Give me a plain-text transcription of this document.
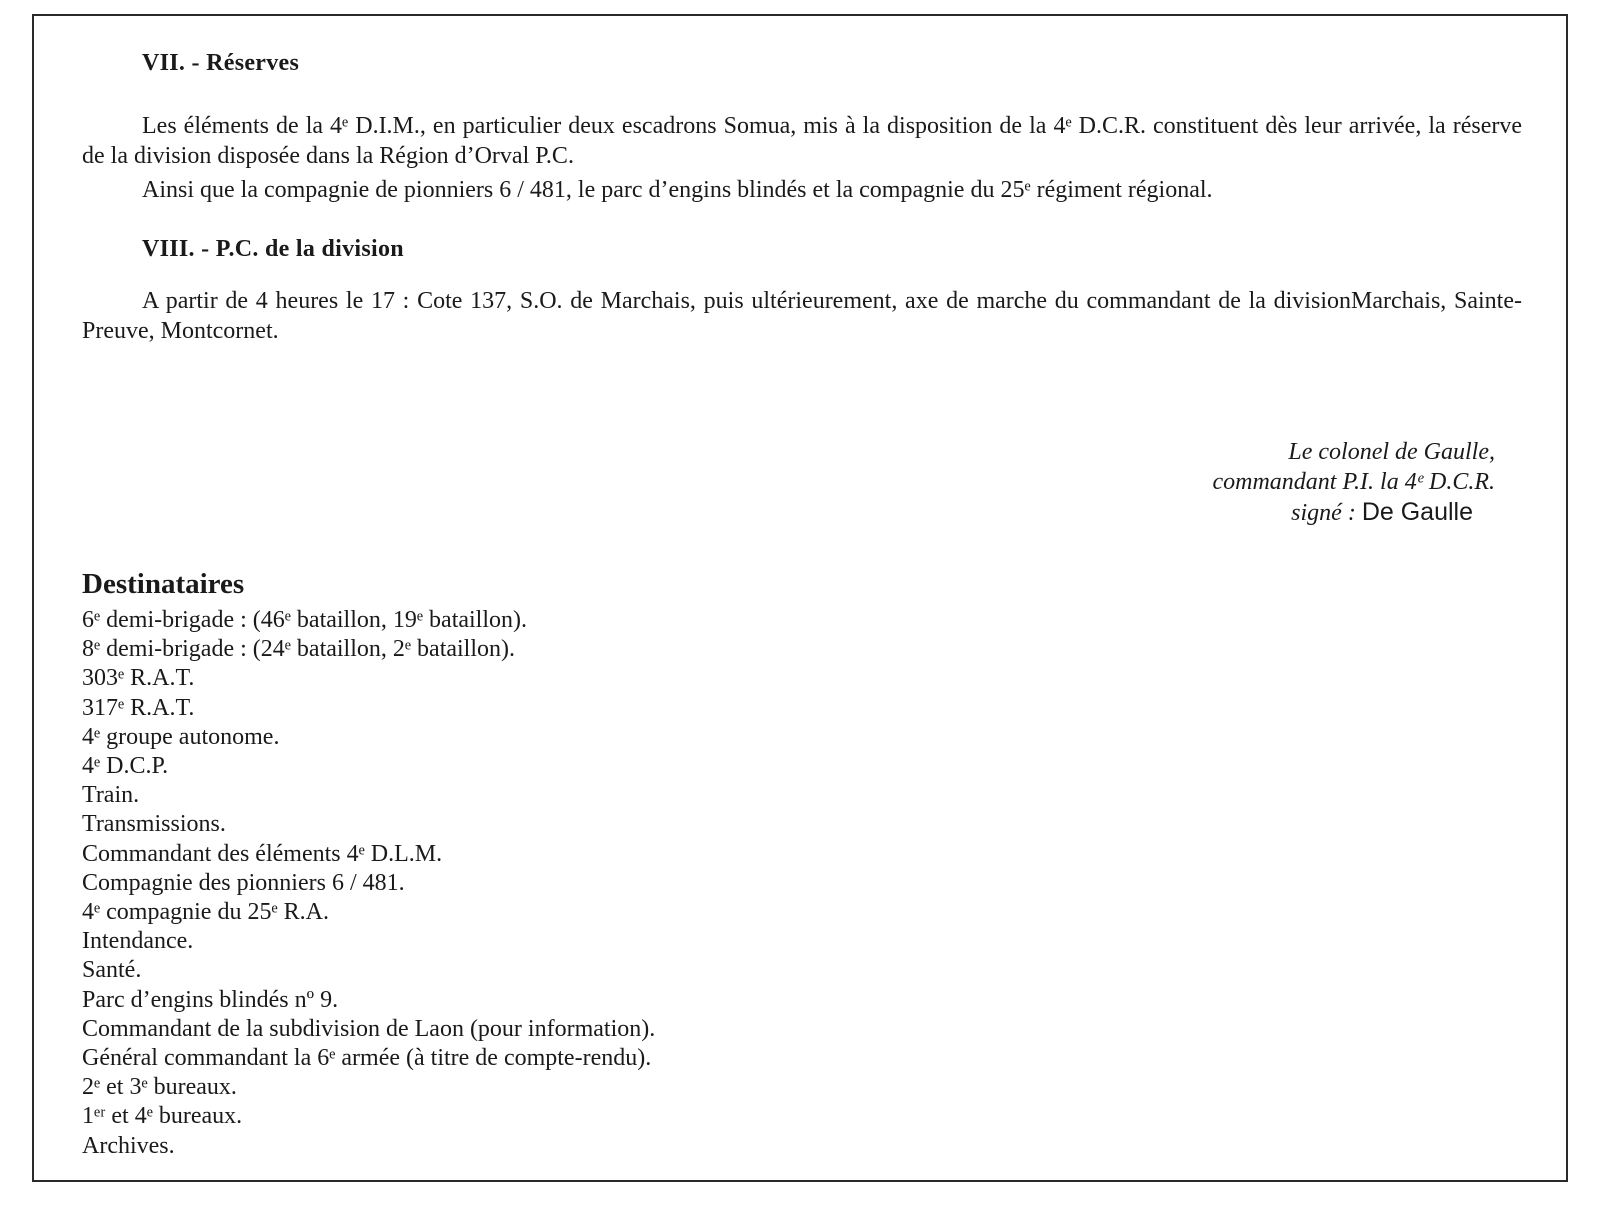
VII. - Réserves

Les éléments de la 4ᵉ D.I.M., en particulier deux escadrons Somua, mis à la disposition de la 4ᵉ D.C.R. constituent dès leur arrivée, la réserve de la division disposée dans la Région d’Orval P.C.

Ainsi que la compagnie de pionniers 6 / 481, le parc d’engins blindés et la compagnie du 25ᵉ régiment régional.

VIII. - P.C. de la division

A partir de 4 heures le 17 : Cote 137, S.O. de Marchais, puis ultérieurement, axe de marche du commandant de la divisionMarchais, Sainte-Preuve, Montcornet.

Le colonel de Gaulle,
commandant P.I. la 4ᵉ D.C.R.
signé : De Gaulle
Destinataires
6ᵉ demi-brigade : (46ᵉ bataillon, 19ᵉ bataillon).
8ᵉ demi-brigade : (24ᵉ bataillon, 2ᵉ bataillon).
303ᵉ R.A.T.
317ᵉ R.A.T.
4ᵉ groupe autonome.
4ᵉ D.C.P.
Train.
Transmissions.
Commandant des éléments 4ᵉ D.L.M.
Compagnie des pionniers 6 / 481.
4ᵉ compagnie du 25ᵉ R.A.
Intendance.
Santé.
Parc d’engins blindés nº 9.
Commandant de la subdivision de Laon (pour information).
Général commandant la 6ᵉ armée (à titre de compte-rendu).
2ᵉ et 3ᵉ bureaux.
1ᵉʳ et 4ᵉ bureaux.
Archives.
